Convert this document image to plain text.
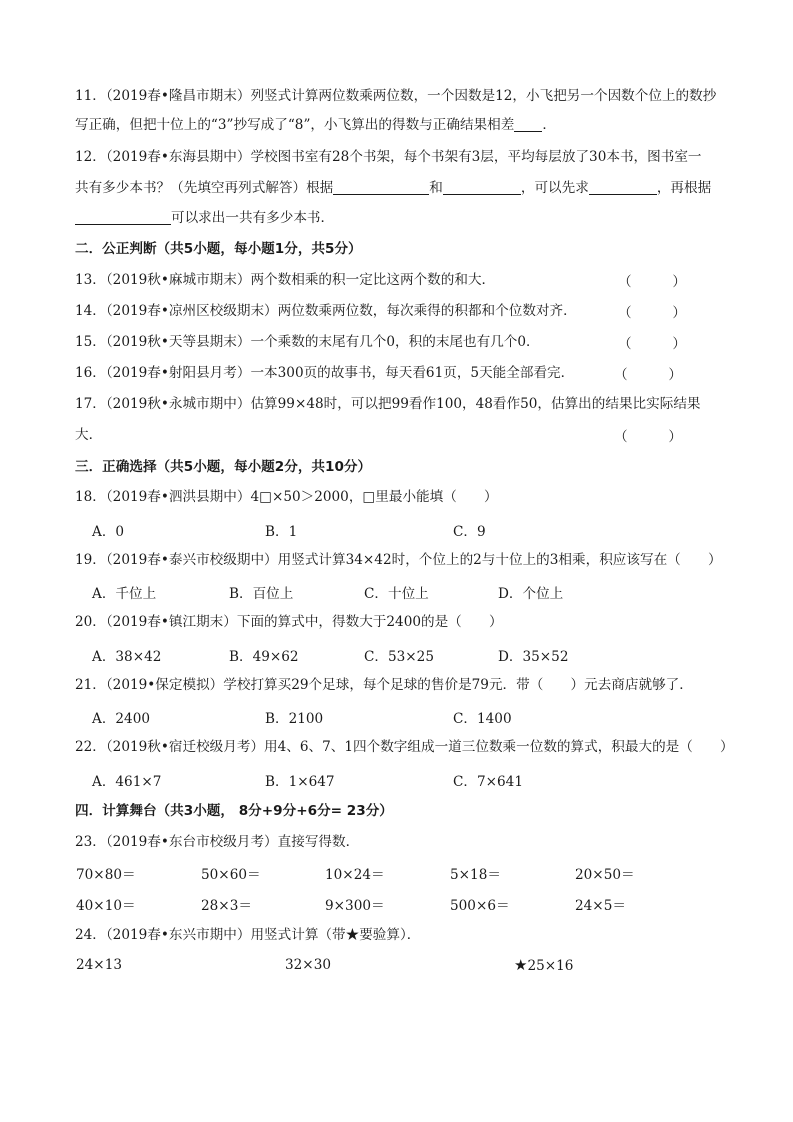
11．（2019春•隆昌市期末）列竖式计算两位数乘两位数，一个因数是12，小飞把另一个因数个位上的数抄
写正确，但把十位上的“3”抄写成了“8”，小飞算出的得数与正确结果相差 ．
12．（2019春•东海县期中）学校图书室有28个书架，每个书架有3层，平均每层放了30本书，图书室一
共有多少本书？（先填空再列式解答）根据	和	，可以先求	，再根据
可以求出一共有多少本书．
二．公正判断（共5小题，每小题1分，共5分）
13．（2019秋•麻城市期末）两个数相乘的积一定比这两个数的和大．	（　　　）
14．（2019春•凉州区校级期末）两位数乘两位数，每次乘得的积都和个位数对齐．	（　　　）
15．（2019秋•天等县期末）一个乘数的末尾有几个0，积的末尾也有几个0．	（　　　）
16．（2019春•射阳县月考）一本300页的故事书，每天看61页，5天能全部看完．	（　　　）
17．（2019秋•永城市期中）估算99×48时，可以把99看作100，48看作50，估算出的结果比实际结果
大．	（　　　）
三．正确选择（共5小题，每小题2分，共10分）
18．（2019春•泗洪县期中）4□×50＞2000，□里最小能填（　　）
A．0	B．1	C．9
19．（2019春•泰兴市校级期中）用竖式计算34×42时，个位上的2与十位上的3相乘，积应该写在（　　）
A．千位上	B．百位上	C．十位上	D．个位上
20．（2019春•镇江期末）下面的算式中，得数大于2400的是（　　）
A．38×42	B．49×62	C．53×25	D．35×52
21．（2019•保定模拟）学校打算买29个足球，每个足球的售价是79元．带（　　）元去商店就够了．
A．2400	B．2100	C．1400
22．（2019秋•宿迁校级月考）用4、6、7、1四个数字组成一道三位数乘一位数的算式，积最大的是（　　）
A．461×7	B．1×647	C．7×641
四．计算舞台（共3小题， 8分+9分+6分= 23分）
23．（2019春•东台市校级月考）直接写得数．
70×80＝	50×60＝	10×24＝	5×18＝	20×50＝
40×10＝	28×3＝	9×300＝	500×6＝	24×5＝
24．（2019春•东兴市期中）用竖式计算（带★要验算）．
24×13	32×30	★25×16
